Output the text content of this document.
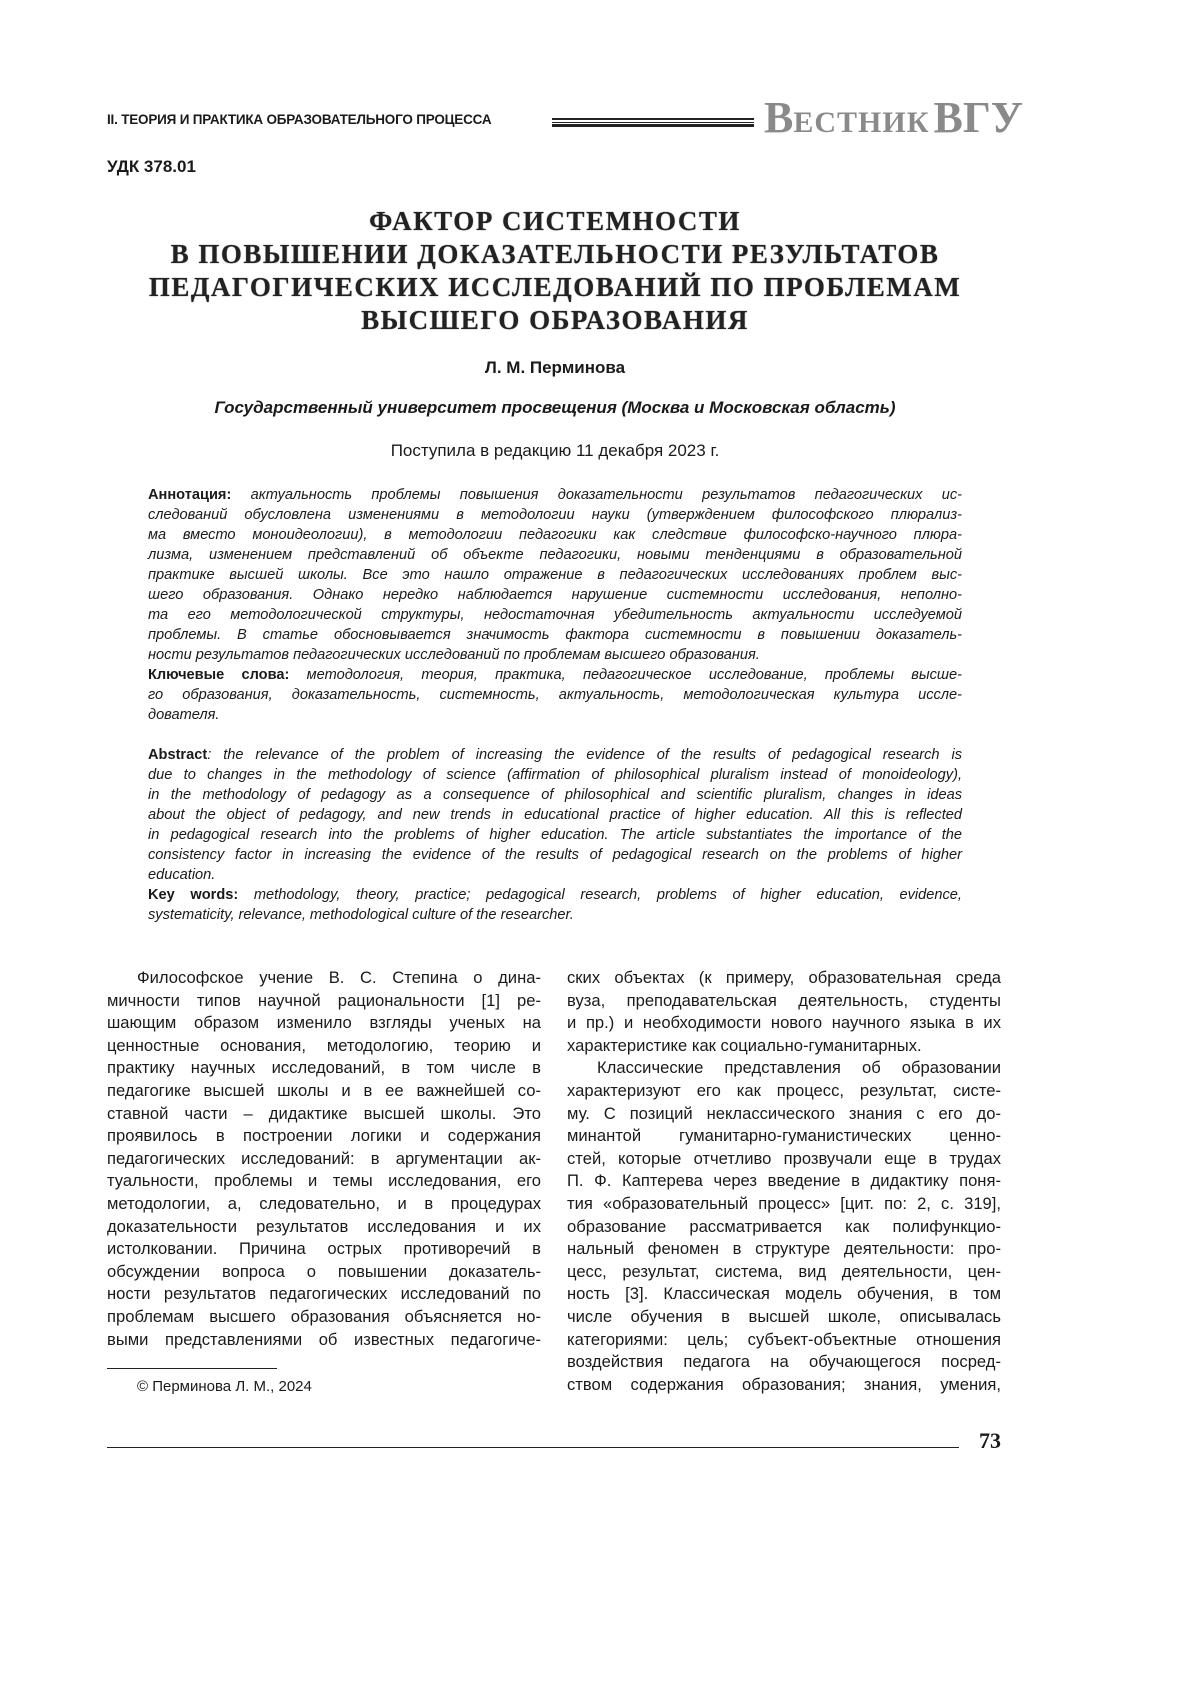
II. ТЕОРИЯ И ПРАКТИКА ОБРАЗОВАТЕЛЬНОГО ПРОЦЕССА	ВЕСТНИК ВГУ
УДК 378.01
ФАКТОР СИСТЕМНОСТИ
В ПОВЫШЕНИИ ДОКАЗАТЕЛЬНОСТИ РЕЗУЛЬТАТОВ
ПЕДАГОГИЧЕСКИХ ИССЛЕДОВАНИЙ ПО ПРОБЛЕМАМ
ВЫСШЕГО ОБРАЗОВАНИЯ
Л. М. Перминова
Государственный университет просвещения (Москва и Московская область)
Поступила в редакцию 11 декабря 2023 г.
Аннотация: актуальность проблемы повышения доказательности результатов педагогических ис-
следований обусловлена изменениями в методологии науки (утверждением философского плюрализ-
ма вместо моноидеологии), в методологии педагогики как следствие философско-научного плюра-
лизма, изменением представлений об объекте педагогики, новыми тенденциями в образовательной
практике высшей школы. Все это нашло отражение в педагогических исследованиях проблем выс-
шего образования. Однако нередко наблюдается нарушение системности исследования, неполно-
та его методологической структуры, недостаточная убедительность актуальности исследуемой
проблемы. В статье обосновывается значимость фактора системности в повышении доказатель-
ности результатов педагогических исследований по проблемам высшего образования.
Ключевые слова: методология, теория, практика, педагогическое исследование, проблемы высше-
го образования, доказательность, системность, актуальность, методологическая культура иссле-
дователя.
Abstract: the relevance of the problem of increasing the evidence of the results of pedagogical research is
due to changes in the methodology of science (affirmation of philosophical pluralism instead of monoideology),
in the methodology of pedagogy as a consequence of philosophical and scientific pluralism, changes in ideas
about the object of pedagogy, and new trends in educational practice of higher education. All this is reflected
in pedagogical research into the problems of higher education. The article substantiates the importance of the
consistency factor in increasing the evidence of the results of pedagogical research on the problems of higher
education.
Key words: methodology, theory, practice; pedagogical research, problems of higher education, evidence,
systematicity, relevance, methodological culture of the researcher.
Философское учение В. С. Степина о дина-
мичности типов научной рациональности [1] ре-
шающим образом изменило взгляды ученых на
ценностные основания, методологию, теорию и
практику научных исследований, в том числе в
педагогике высшей школы и в ее важнейшей со-
ставной части – дидактике высшей школы. Это
проявилось в построении логики и содержания
педагогических исследований: в аргументации ак-
туальности, проблемы и темы исследования, его
методологии, а, следовательно, и в процедурах
доказательности результатов исследования и их
истолковании. Причина острых противоречий в
обсуждении вопроса о повышении доказатель-
ности результатов педагогических исследований по
проблемам высшего образования объясняется но-
выми представлениями об известных педагогиче-
ских объектах (к примеру, образовательная среда
вуза, преподавательская деятельность, студенты
и пр.) и необходимости нового научного языка в их
характеристике как социально-гуманитарных.
Классические представления об образовании
характеризуют его как процесс, результат, систе-
му. С позиций неклассического знания с его до-
минантой гуманитарно-гуманистических ценно-
стей, которые отчетливо прозвучали еще в трудах
П. Ф. Каптерева через введение в дидактику поня-
тия «образовательный процесс» [цит. по: 2, с. 319],
образование рассматривается как полифункцио-
нальный феномен в структуре деятельности: про-
цесс, результат, система, вид деятельности, цен-
ность [3]. Классическая модель обучения, в том
числе обучения в высшей школе, описывалась
категориями: цель; субъект-объектные отношения
воздействия педагога на обучающегося посред-
ством содержания образования; знания, умения,
© Перминова Л. М., 2024
73
